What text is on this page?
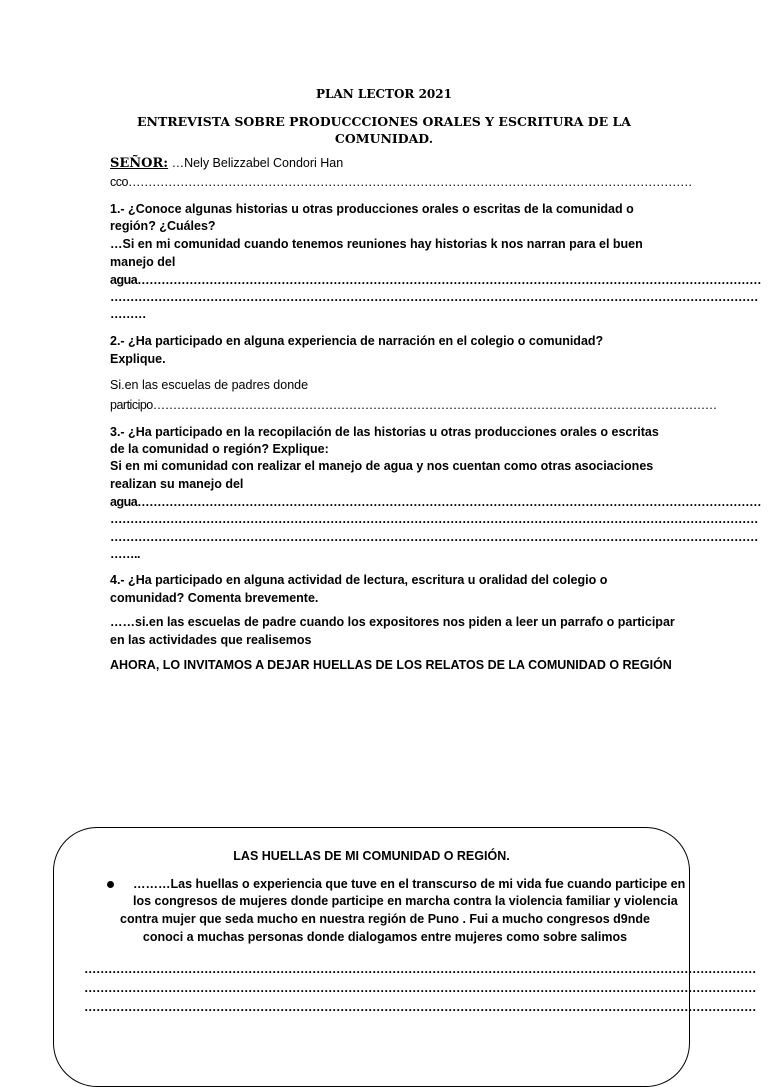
PLAN LECTOR 2021
ENTREVISTA SOBRE PRODUCCCIONES ORALES Y ESCRITURA DE LA
COMUNIDAD.
SEÑOR: …Nely Belizzabel Condori Han
cco……………………………………………………………………………………………………………………………
1.- ¿Conoce algunas historias u otras producciones orales o escritas de la comunidad o
región? ¿Cuáles?
…Si en mi comunidad cuando tenemos reuniones hay historias k nos narran para el buen
manejo del
agua…………………………………………………………………………………………………………………………………………
………………………………………………………………………………………………………………………………………………
………
2.- ¿Ha participado en alguna experiencia de narración en el colegio o comunidad?
Explique.
Si.en las escuelas de padres donde
participo……………………………………………………………………………………………………………………………
3.- ¿Ha participado en la recopilación de las historias u otras producciones orales o escritas
de la comunidad o región? Explique:
Si en mi comunidad con realizar el manejo de agua y nos cuentan como otras asociaciones
realizan su manejo del
agua…………………………………………………………………………………………………………………………………………
………………………………………………………………………………………………………………………………………………
………………………………………………………………………………………………………………………………………………
……..
4.- ¿Ha participado en alguna actividad de lectura, escritura u oralidad del colegio o
comunidad? Comenta brevemente.
……si.en las escuelas de padre cuando los expositores nos piden a leer un parrafo o participar
en las actividades que realisemos
AHORA, LO INVITAMOS A DEJAR HUELLAS DE LOS RELATOS DE LA COMUNIDAD O REGIÓN
LAS HUELLAS DE MI COMUNIDAD O REGIÓN.
………Las huellas o experiencia que tuve en el transcurso de mi vida fue cuando participe en
los congresos de mujeres donde participe en marcha contra la violencia familiar y violencia
contra mujer que seda mucho en nuestra región de Puno . Fui a mucho congresos d9nde
conoci a muchas personas donde dialogamos entre mujeres como sobre salimos
……………………………………………………………………………………………………………………………………………………
……………………………………………………………………………………………………………………………………………………
……………………………………………………………………………………………………………………………………………………
